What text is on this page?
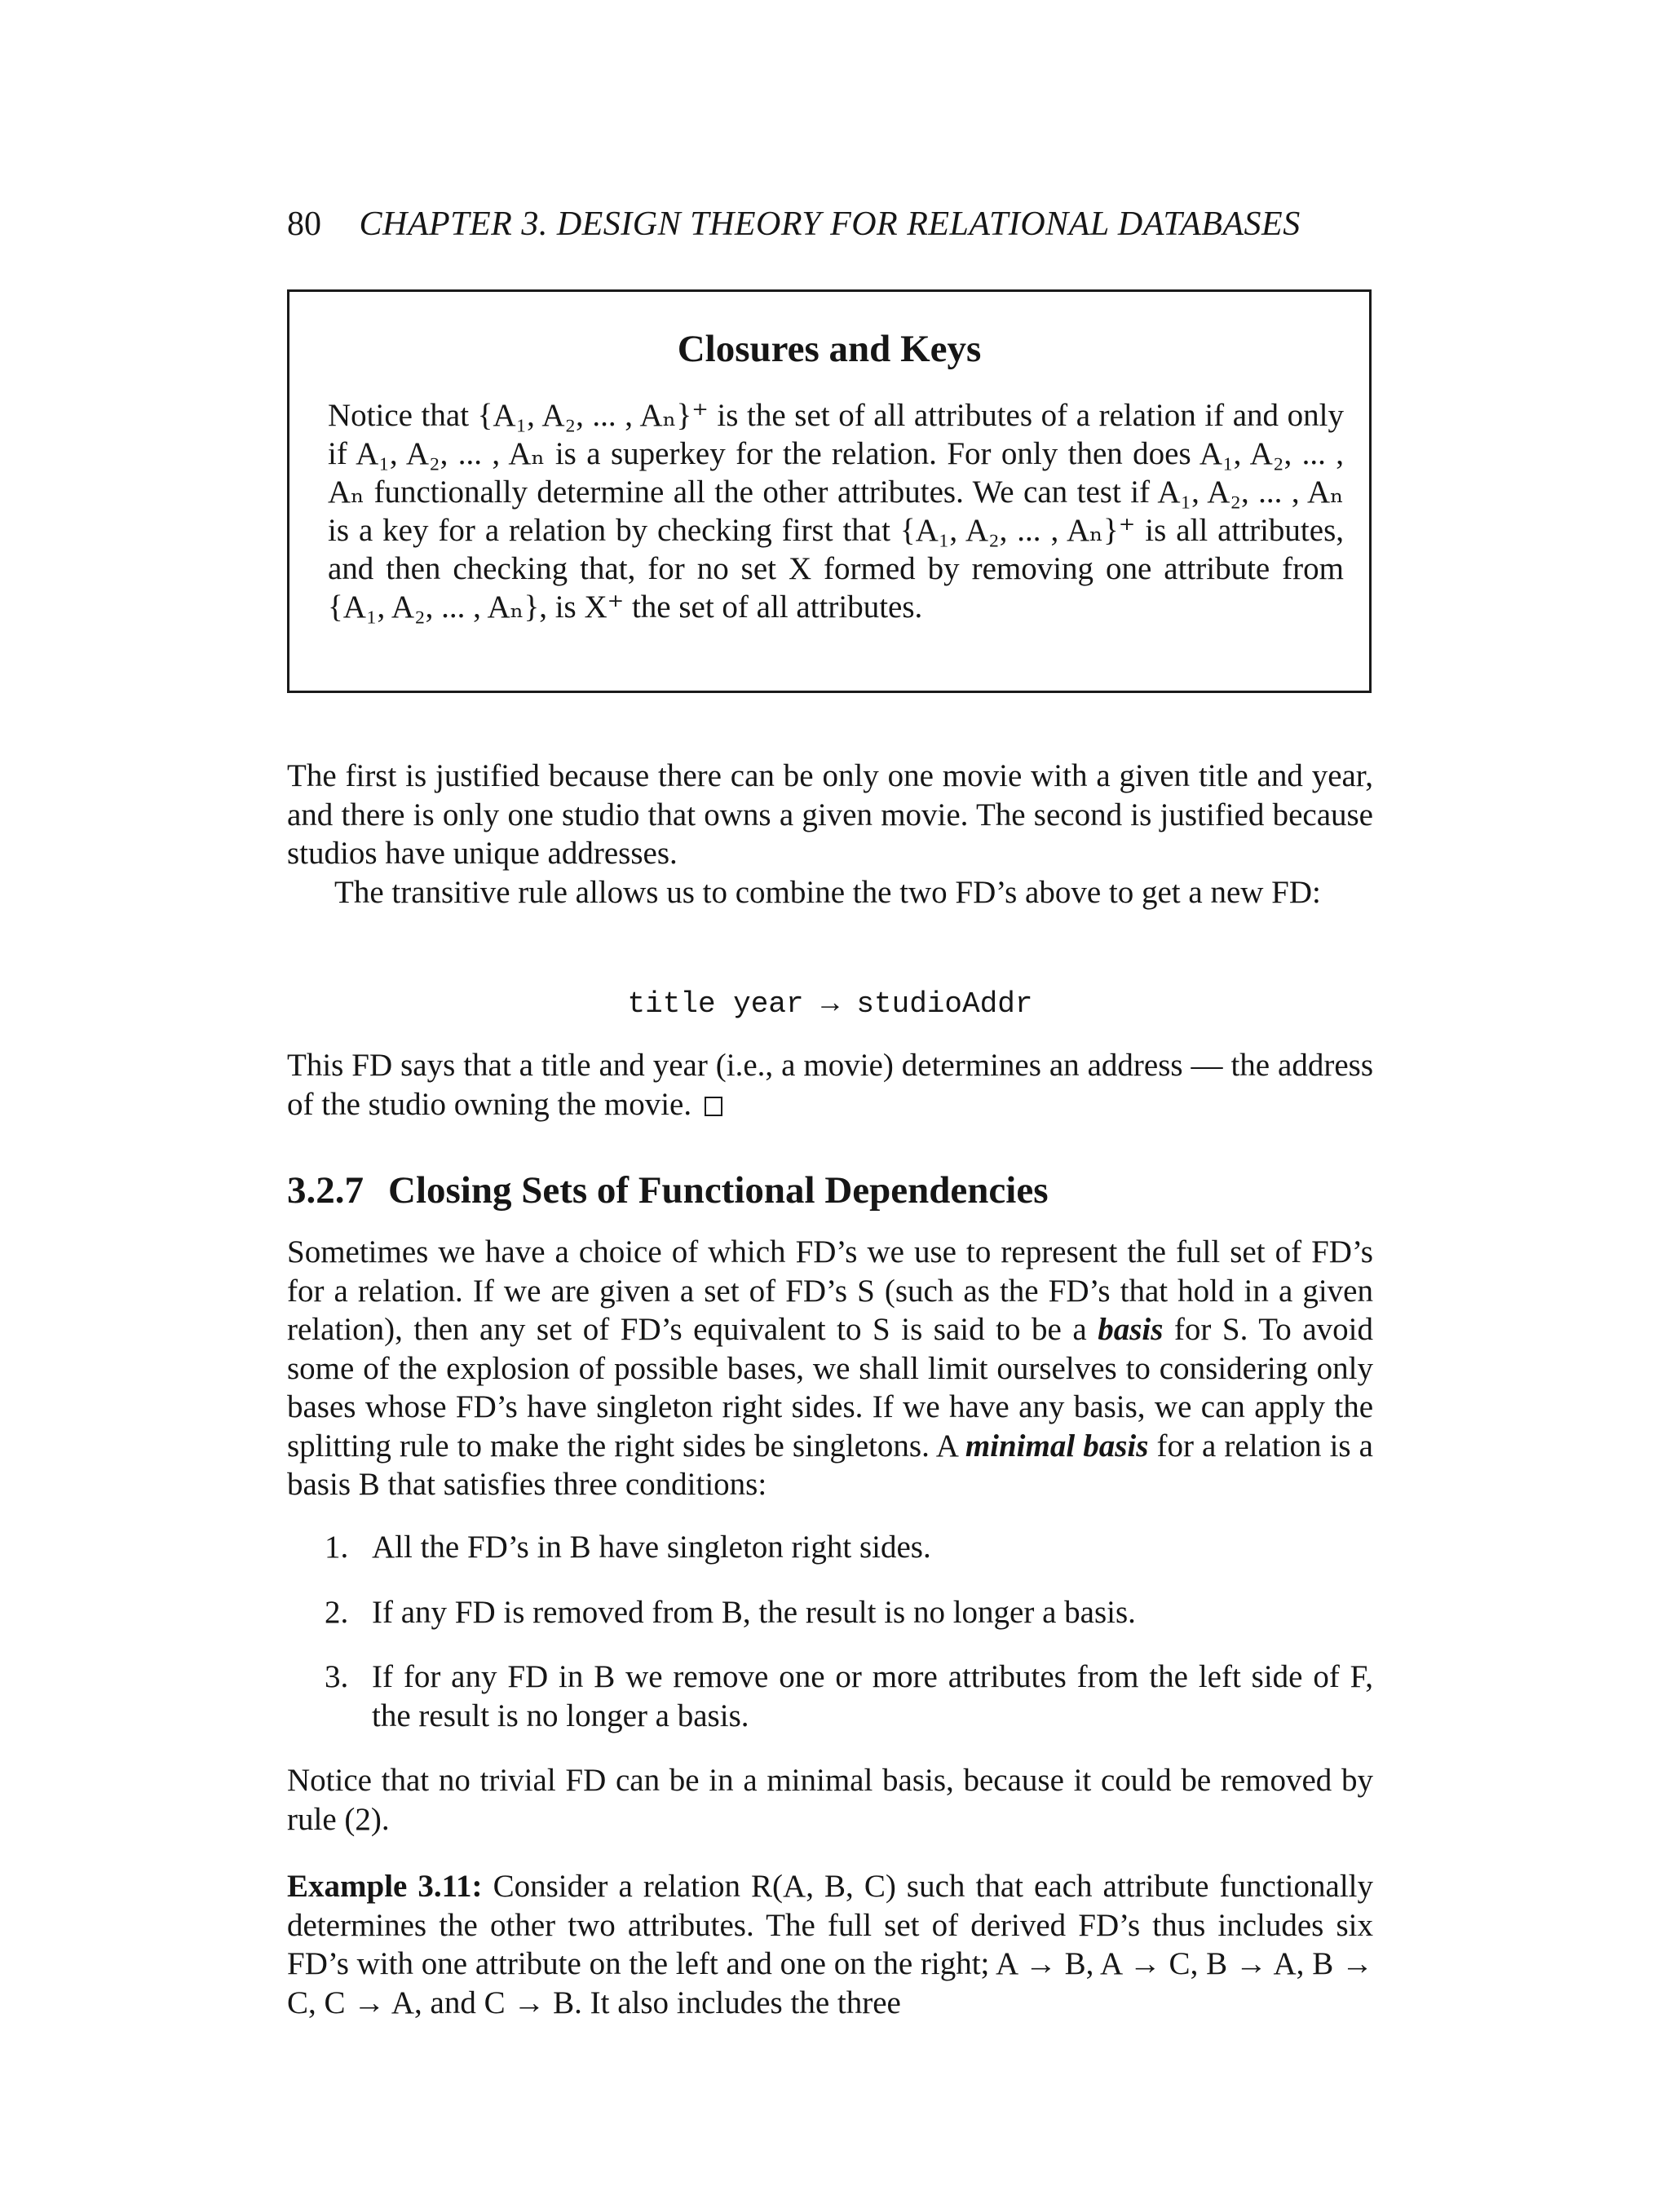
80 CHAPTER 3. DESIGN THEORY FOR RELATIONAL DATABASES
Closures and Keys
Notice that {A₁, A₂, ... , Aₙ}⁺ is the set of all attributes of a relation if and only if A₁, A₂, ... , Aₙ is a superkey for the relation. For only then does A₁, A₂, ... , Aₙ functionally determine all the other attributes. We can test if A₁, A₂, ... , Aₙ is a key for a relation by checking first that {A₁, A₂, ... , Aₙ}⁺ is all attributes, and then checking that, for no set X formed by removing one attribute from {A₁, A₂, ... , Aₙ}, is X⁺ the set of all attributes.
The first is justified because there can be only one movie with a given title and year, and there is only one studio that owns a given movie. The second is justified because studios have unique addresses.
The transitive rule allows us to combine the two FD’s above to get a new FD:
title year → studioAddr
This FD says that a title and year (i.e., a movie) determines an address — the address of the studio owning the movie.
3.2.7 Closing Sets of Functional Dependencies
Sometimes we have a choice of which FD’s we use to represent the full set of FD’s for a relation. If we are given a set of FD’s S (such as the FD’s that hold in a given relation), then any set of FD’s equivalent to S is said to be a basis for S. To avoid some of the explosion of possible bases, we shall limit ourselves to considering only bases whose FD’s have singleton right sides. If we have any basis, we can apply the splitting rule to make the right sides be singletons. A minimal basis for a relation is a basis B that satisfies three conditions:
1. All the FD’s in B have singleton right sides.
2. If any FD is removed from B, the result is no longer a basis.
3. If for any FD in B we remove one or more attributes from the left side of F, the result is no longer a basis.
Notice that no trivial FD can be in a minimal basis, because it could be removed by rule (2).
Example 3.11: Consider a relation R(A, B, C) such that each attribute functionally determines the other two attributes. The full set of derived FD’s thus includes six FD’s with one attribute on the left and one on the right; A → B, A → C, B → A, B → C, C → A, and C → B. It also includes the three
